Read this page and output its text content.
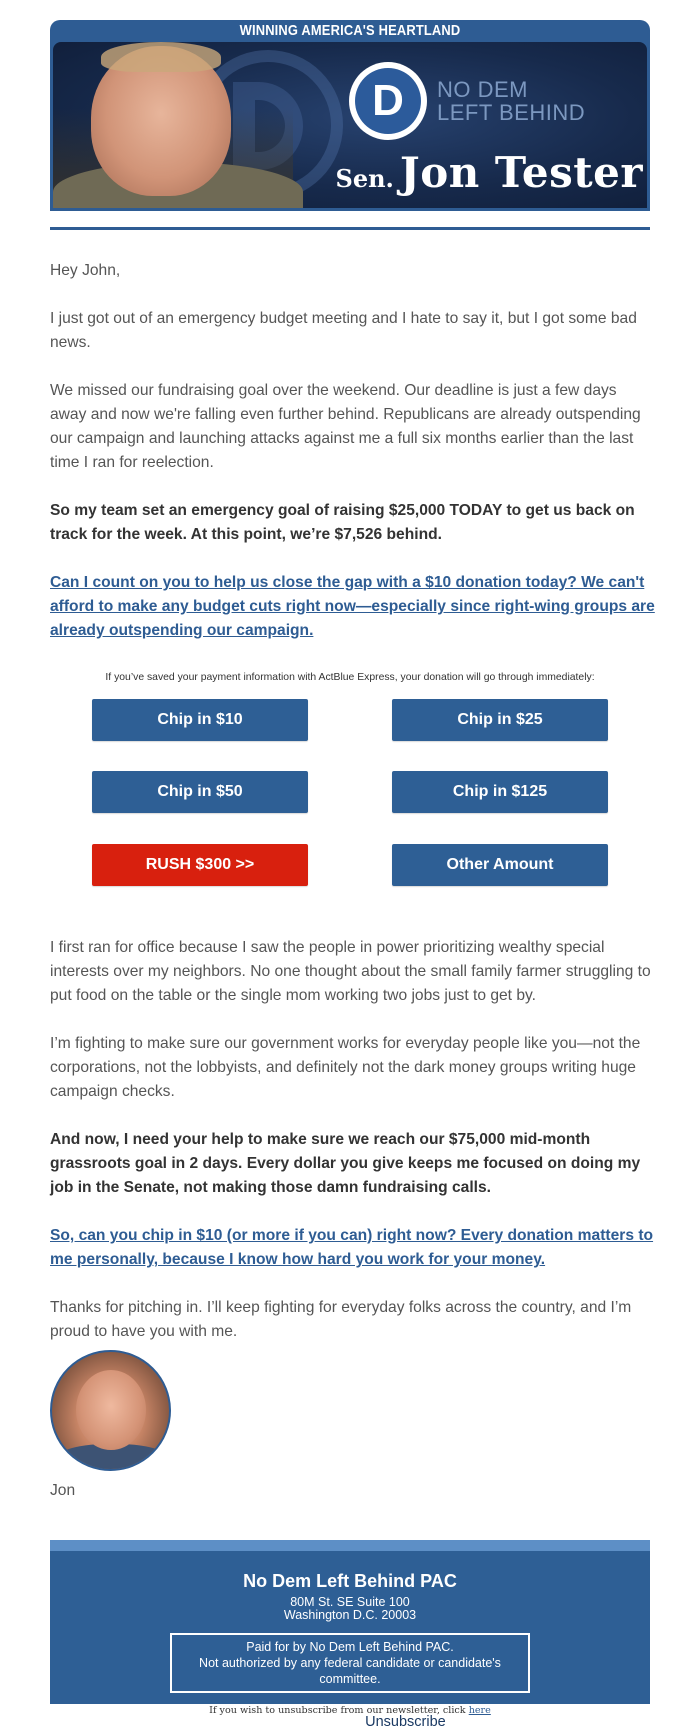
WINNING AMERICA'S HEARTLAND
D	NO DEM
LEFT BEHIND
Sen. Jon Tester
Hey John,
I just got out of an emergency budget meeting and I hate to say it, but I got some bad news.
We missed our fundraising goal over the weekend. Our deadline is just a few days away and now we're falling even further behind. Republicans are already outspending our campaign and launching attacks against me a full six months earlier than the last time I ran for reelection.
So my team set an emergency goal of raising $25,000 TODAY to get us back on track for the week. At this point, we’re $7,526 behind.
Can I count on you to help us close the gap with a $10 donation today? We can't afford to make any budget cuts right now—especially since right-wing groups are already outspending our campaign.
If you’ve saved your payment information with ActBlue Express, your donation will go through immediately:
Chip in $10	Chip in $25
Chip in $50	Chip in $125
RUSH $300 >>	Other Amount
I first ran for office because I saw the people in power prioritizing wealthy special interests over my neighbors. No one thought about the small family farmer struggling to put food on the table or the single mom working two jobs just to get by.
I’m fighting to make sure our government works for everyday people like you—not the corporations, not the lobbyists, and definitely not the dark money groups writing huge campaign checks.
And now, I need your help to make sure we reach our $75,000 mid-month grassroots goal in 2 days. Every dollar you give keeps me focused on doing my job in the Senate, not making those damn fundraising calls.
So, can you chip in $10 (or more if you can) right now? Every donation matters to me personally, because I know how hard you work for your money.
Thanks for pitching in. I’ll keep fighting for everyday folks across the country, and I’m proud to have you with me.
Jon
No Dem Left Behind PAC
80M St. SE Suite 100
Washington D.C. 20003
Paid for by No Dem Left Behind PAC.
Not authorized by any federal candidate or candidate's committee.
View in browser | Unsubscribe
If you wish to unsubscribe from our newsletter, click here
